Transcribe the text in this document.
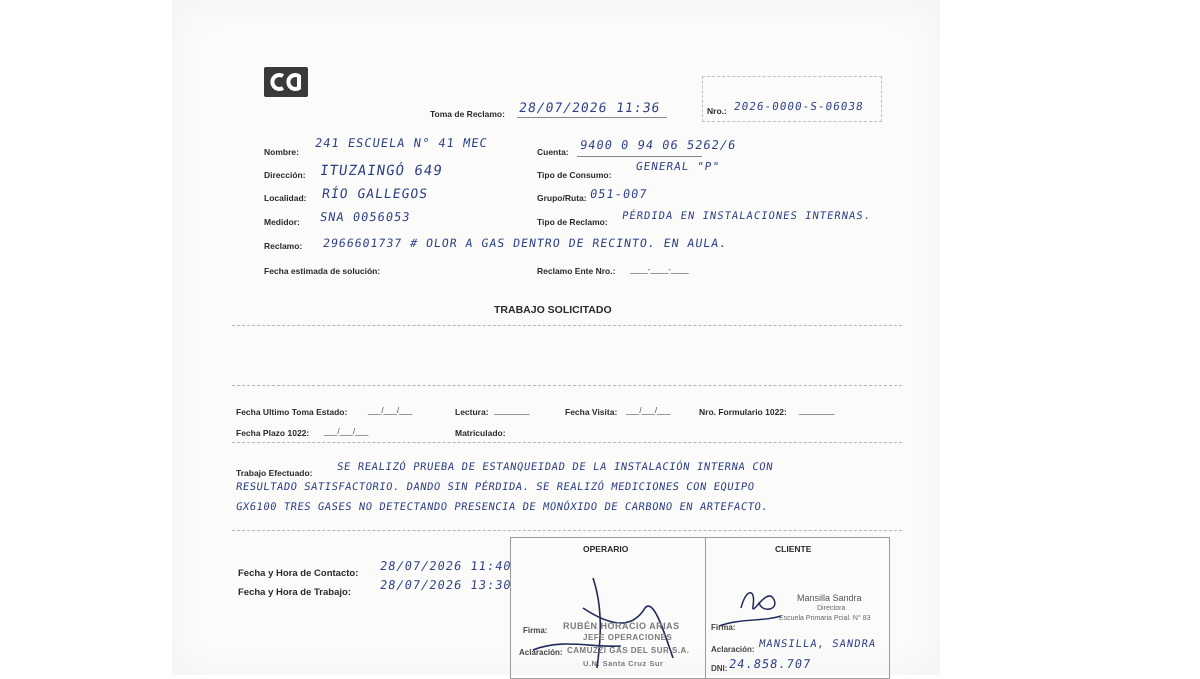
Toma de Reclamo: 28/07/2026 11:36	Nro.: 2026-0000-S-06038
Nombre:
241 ESCUELA N° 41 MEC
Dirección: ITUZAINGÓ 649
Localidad: RÍO GALLEGOS
Medidor: SNA 0056053
Reclamo: 2966601737 # OLOR A GAS DENTRO DE RECINTO. EN AULA.
Fecha estimada de solución:
Cuenta: 9400 0 94 06 5262/6
Tipo de Consumo:
GENERAL "P"
Grupo/Ruta: 051-007
Tipo de Reclamo: PÉRDIDA EN INSTALACIONES INTERNAS.
Reclamo Ente Nro.: ____-____-____
TRABAJO SOLICITADO
Fecha Ultimo Toma Estado:	___/___/___	Lectura: ________	Fecha Visita: ___/___/___	Nro. Formulario 1022: ________
Fecha Plazo 1022: ___/___/___	Matriculado:
Trabajo Efectuado: SE REALIZÓ PRUEBA DE ESTANQUEIDAD DE LA INSTALACIÓN INTERNA CON
RESULTADO SATISFACTORIO. DANDO SIN PÉRDIDA. SE REALIZÓ MEDICIONES CON EQUIPO
GX6100 TRES GASES NO DETECTANDO PRESENCIA DE MONÓXIDO DE CARBONO EN ARTEFACTO.
Fecha y Hora de Contacto:
28/07/2026 11:40
Fecha y Hora de Trabajo:
28/07/2026 13:30
OPERARIO	CLIENTE
Firma: RUBÉN HORACIO ARIAS
JEFE OPERACIONES
Aclaración: CAMUZZI GAS DEL SUR S.A.
U.N. Santa Cruz Sur
Mansilla Sandra
Directora
Escuela Primaria Pcial. N° 83
Firma:
Aclaración: MANSILLA, SANDRA
DNI: 24.858.707
